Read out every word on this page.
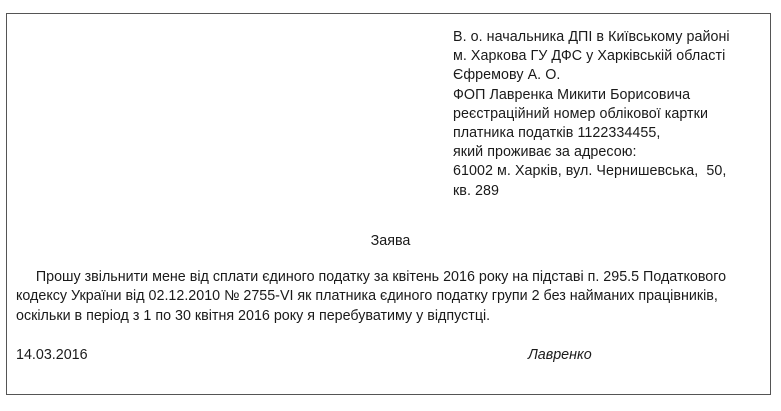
В. о. начальника ДПІ в Київському районі
м. Харкова ГУ ДФС у Харківській області
Єфремову А. О.
ФОП Лавренка Микити Борисовича
реєстраційний номер облікової картки
платника податків 1122334455,
який проживає за адресою:
61002 м. Харків, вул. Чернишевська,  50,
кв. 289
Заява
Прошу звільнити мене від сплати єдиного податку за квітень 2016 року на підставі п. 295.5 Податкового
кодексу України від 02.12.2010 № 2755-VI як платника єдиного податку групи 2 без найманих працівників,
оскільки в період з 1 по 30 квітня 2016 року я перебуватиму у відпустці.
14.03.2016	Лавренко
